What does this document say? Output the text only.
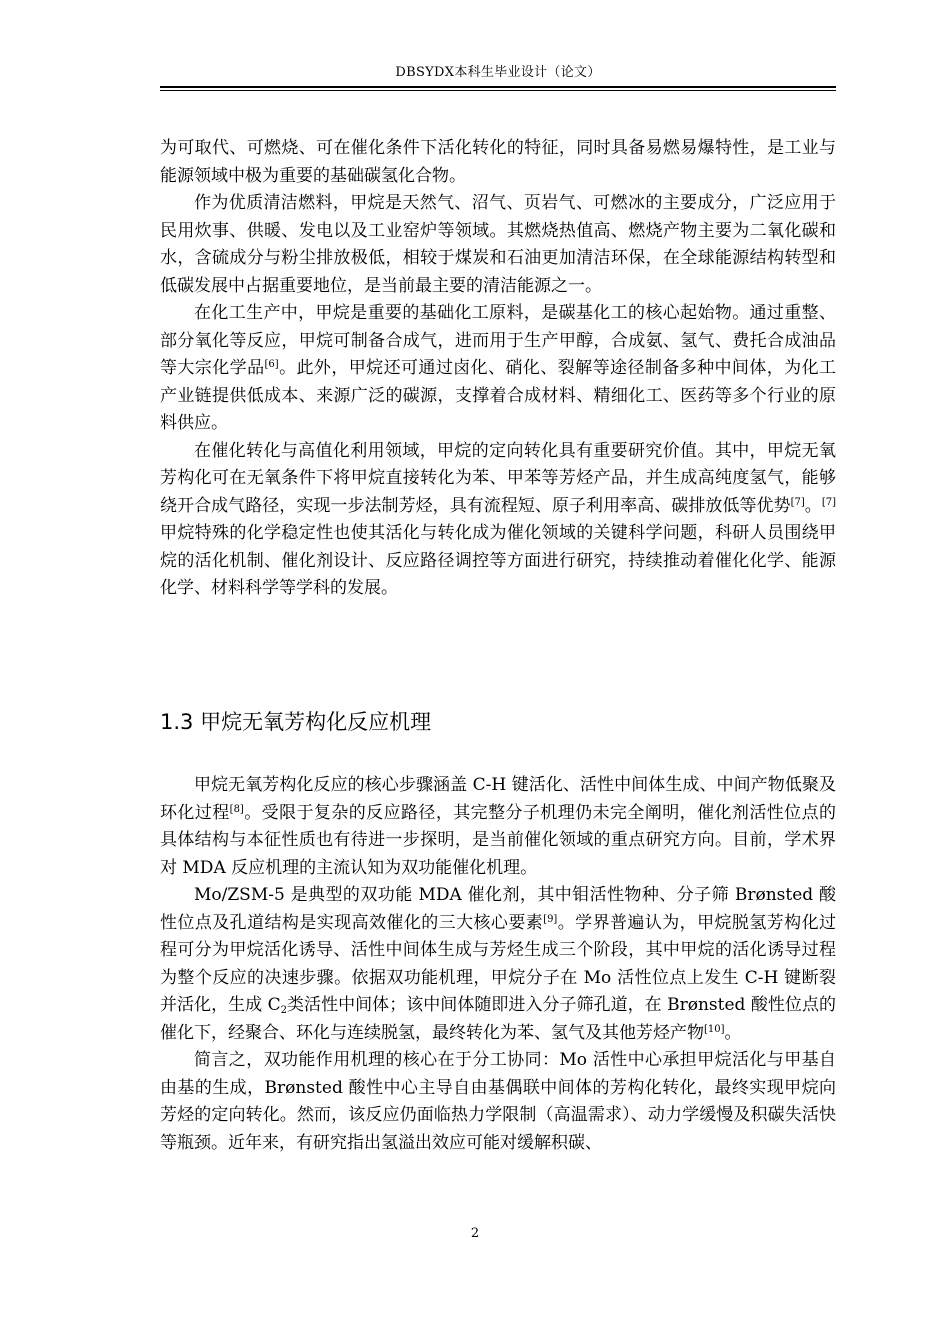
DBSYDX本科生毕业设计（论文）

为可取代、可燃烧、可在催化条件下活化转化的特征，同时具备易燃易爆特性，是工业与能源领域中极为重要的基础碳氢化合物。

作为优质清洁燃料，甲烷是天然气、沼气、页岩气、可燃冰的主要成分，广泛应用于民用炊事、供暖、发电以及工业窑炉等领域。其燃烧热值高、燃烧产物主要为二氧化碳和水，含硫成分与粉尘排放极低，相较于煤炭和石油更加清洁环保，在全球能源结构转型和低碳发展中占据重要地位，是当前最主要的清洁能源之一。

在化工生产中，甲烷是重要的基础化工原料，是碳基化工的核心起始物。通过重整、部分氧化等反应，甲烷可制备合成气，进而用于生产甲醇，合成氨、氢气、费托合成油品等大宗化学品[6]。此外，甲烷还可通过卤化、硝化、裂解等途径制备多种中间体，为化工产业链提供低成本、来源广泛的碳源，支撑着合成材料、精细化工、医药等多个行业的原料供应。

在催化转化与高值化利用领域，甲烷的定向转化具有重要研究价值。其中，甲烷无氧芳构化可在无氧条件下将甲烷直接转化为苯、甲苯等芳烃产品，并生成高纯度氢气，能够绕开合成气路径，实现一步法制芳烃，具有流程短、原子利用率高、碳排放低等优势[7]。[7]甲烷特殊的化学稳定性也使其活化与转化成为催化领域的关键科学问题，科研人员围绕甲烷的活化机制、催化剂设计、反应路径调控等方面进行研究，持续推动着催化化学、能源化学、材料科学等学科的发展。

1.3 甲烷无氧芳构化反应机理

甲烷无氧芳构化反应的核心步骤涵盖 C-H 键活化、活性中间体生成、中间产物低聚及环化过程[8]。受限于复杂的反应路径，其完整分子机理仍未完全阐明，催化剂活性位点的具体结构与本征性质也有待进一步探明，是当前催化领域的重点研究方向。目前，学术界对 MDA 反应机理的主流认知为双功能催化机理。

Mo/ZSM-5 是典型的双功能 MDA 催化剂，其中钼活性物种、分子筛 Brønsted 酸性位点及孔道结构是实现高效催化的三大核心要素[9]。学界普遍认为，甲烷脱氢芳构化过程可分为甲烷活化诱导、活性中间体生成与芳烃生成三个阶段，其中甲烷的活化诱导过程为整个反应的决速步骤。依据双功能机理，甲烷分子在 Mo 活性位点上发生 C-H 键断裂并活化，生成 $C_2$类活性中间体；该中间体随即进入分子筛孔道，在 Brønsted 酸性位点的催化下，经聚合、环化与连续脱氢，最终转化为苯、氢气及其他芳烃产物[10]。

简言之，双功能作用机理的核心在于分工协同：Mo 活性中心承担甲烷活化与甲基自由基的生成，Brønsted 酸性中心主导自由基偶联中间体的芳构化转化，最终实现甲烷向芳烃的定向转化。然而，该反应仍面临热力学限制（高温需求）、动力学缓慢及积碳失活快等瓶颈。近年来，有研究指出氢溢出效应可能对缓解积碳、

2
